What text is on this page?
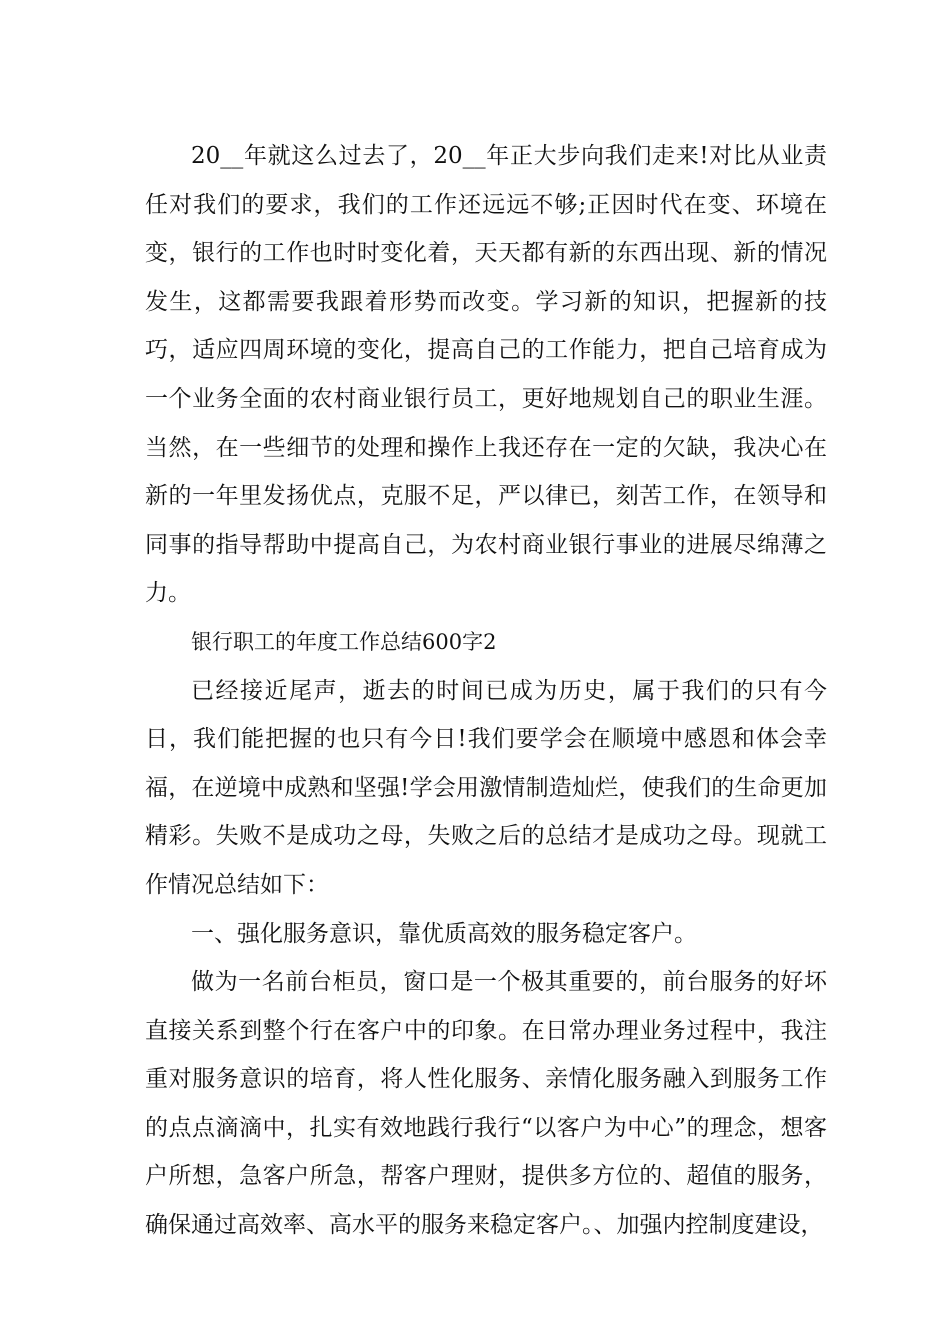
20__年就这么过去了，20__年正大步向我们走来!对比从业责任对我们的要求，我们的工作还远远不够;正因时代在变、环境在变，银行的工作也时时变化着，天天都有新的东西出现、新的情况发生，这都需要我跟着形势而改变。学习新的知识，把握新的技巧，适应四周环境的变化，提高自己的工作能力，把自己培育成为一个业务全面的农村商业银行员工，更好地规划自己的职业生涯。当然，在一些细节的处理和操作上我还存在一定的欠缺，我决心在新的一年里发扬优点，克服不足，严以律已，刻苦工作，在领导和同事的指导帮助中提高自己，为农村商业银行事业的进展尽绵薄之力。

银行职工的年度工作总结600字2

已经接近尾声，逝去的时间已成为历史，属于我们的只有今日，我们能把握的也只有今日!我们要学会在顺境中感恩和体会幸福，在逆境中成熟和坚强!学会用激情制造灿烂，使我们的生命更加精彩。失败不是成功之母，失败之后的总结才是成功之母。现就工作情况总结如下：

一、强化服务意识，靠优质高效的服务稳定客户。

做为一名前台柜员，窗口是一个极其重要的，前台服务的好坏直接关系到整个行在客户中的印象。在日常办理业务过程中，我注重对服务意识的培育，将人性化服务、亲情化服务融入到服务工作的点点滴滴中，扎实有效地践行我行“以客户为中心”的理念，想客户所想，急客户所急，帮客户理财，提供多方位的、超值的服务，确保通过高效率、高水平的服务来稳定客户。、加强内控制度建设，
